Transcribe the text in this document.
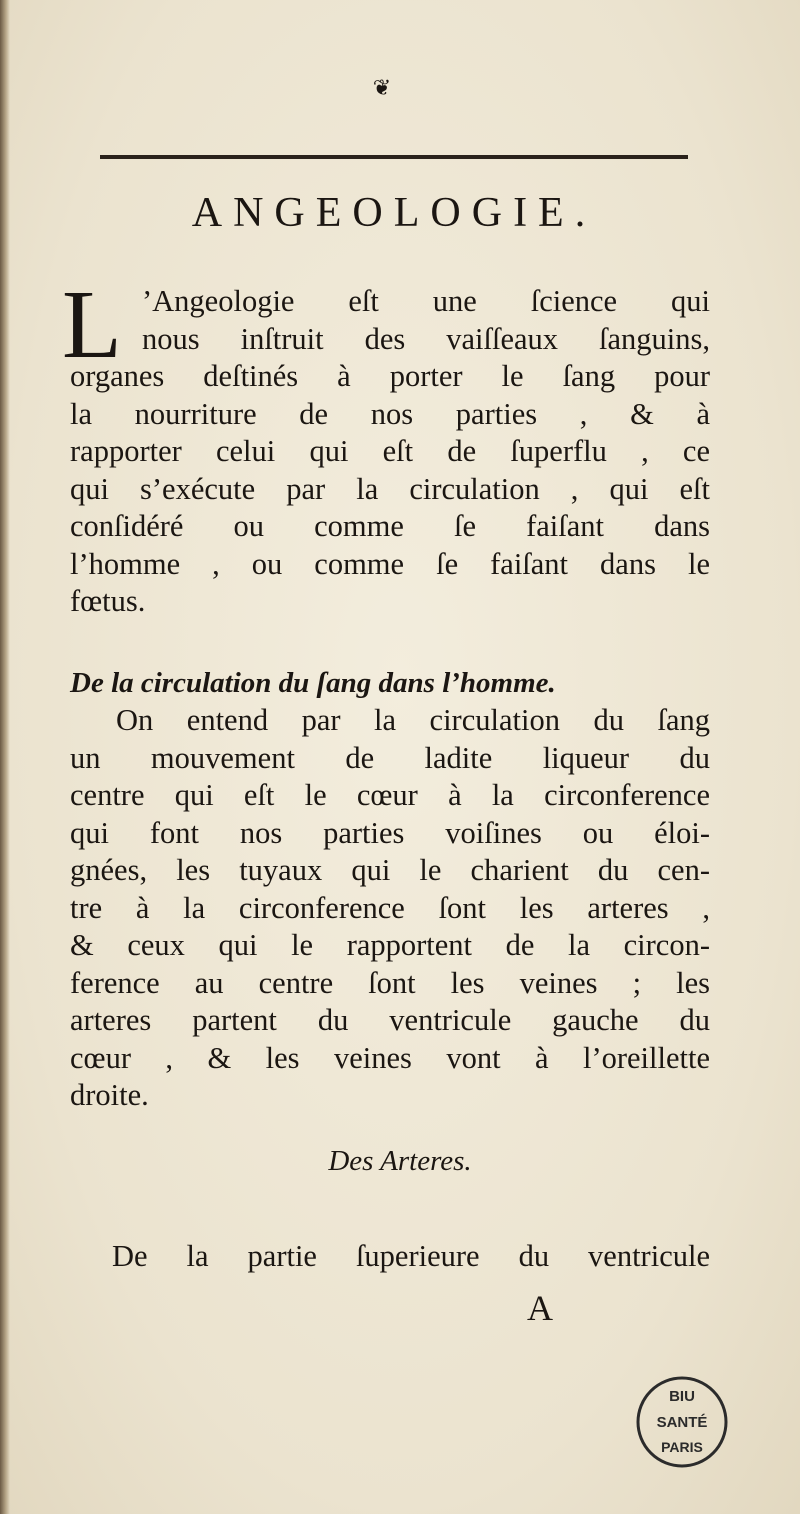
❦
ANGEOLOGIE.
L ’Angeologie eſt une ſcience qui
nous inſtruit des vaiſſeaux ſanguins,
organes deſtinés à porter le ſang pour
la nourriture de nos parties , & à
rapporter celui qui eſt de ſuperflu , ce
qui s’exécute par la circulation , qui eſt
conſidéré ou comme ſe faiſant dans
l’homme , ou comme ſe faiſant dans le
fœtus.
De la circulation du ſang dans l’homme.
On entend par la circulation du ſang
un mouvement de ladite liqueur du
centre qui eſt le cœur à la circonference
qui font nos parties voiſines ou éloi-
gnées, les tuyaux qui le charient du cen-
tre à la circonference ſont les arteres ,
& ceux qui le rapportent de la circon-
ference au centre ſont les veines ; les
arteres partent du ventricule gauche du
cœur , & les veines vont à l’oreillette
droite.
Des Arteres.
De la partie ſuperieure du ventricule
A
BIU
SANTÉ
PARIS
